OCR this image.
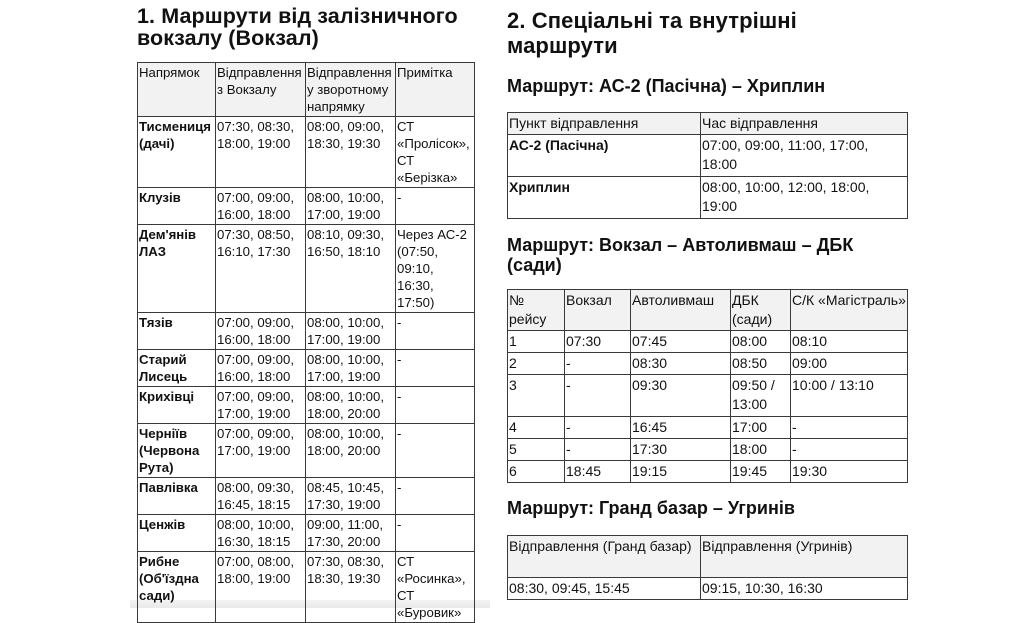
1. Маршрути від залізничного вокзалу (Вокзал)
Напрямок	Відправлення з Вокзалу	Відправлення у зворотному напрямку	Примітка
Тисмениця (дачі)	07:30, 08:30, 18:00, 19:00	08:00, 09:00, 18:30, 19:30	СТ «Пролісок», СТ «Берізка»
Клузів	07:00, 09:00, 16:00, 18:00	08:00, 10:00, 17:00, 19:00	-
Дем'янів ЛАЗ	07:30, 08:50, 16:10, 17:30	08:10, 09:30, 16:50, 18:10	Через АС-2 (07:50, 09:10, 16:30, 17:50)
Тязів	07:00, 09:00, 16:00, 18:00	08:00, 10:00, 17:00, 19:00	-
Старий Лисець	07:00, 09:00, 16:00, 18:00	08:00, 10:00, 17:00, 19:00	-
Крихівці	07:00, 09:00, 17:00, 19:00	08:00, 10:00, 18:00, 20:00	-
Черніїв (Червона Рута)	07:00, 09:00, 17:00, 19:00	08:00, 10:00, 18:00, 20:00	-
Павлівка	08:00, 09:30, 16:45, 18:15	08:45, 10:45, 17:30, 19:00	-
Ценжів	08:00, 10:00, 16:30, 18:15	09:00, 11:00, 17:30, 20:00	-
Рибне (Об'їздна сади)	07:00, 08:00, 18:00, 19:00	07:30, 08:30, 18:30, 19:30	СТ «Росинка», СТ «Буровик»
2. Спеціальні та внутрішні маршрути
Маршрут: АС-2 (Пасічна) – Хриплин
Пункт відправлення	Час відправлення
АС-2 (Пасічна)	07:00, 09:00, 11:00, 17:00, 18:00
Хриплин	08:00, 10:00, 12:00, 18:00, 19:00
Маршрут: Вокзал – Автоливмаш – ДБК (сади)
№ рейсу	Вокзал	Автоливмаш	ДБК (сади)	С/К «Магістраль»
1	07:30	07:45	08:00	08:10
2	-	08:30	08:50	09:00
3	-	09:30	09:50 / 13:00	10:00 / 13:10
4	-	16:45	17:00	-
5	-	17:30	18:00	-
6	18:45	19:15	19:45	19:30
Маршрут: Гранд базар – Угринів
Відправлення (Гранд базар)	Відправлення (Угринів)
08:30, 09:45, 15:45	09:15, 10:30, 16:30
